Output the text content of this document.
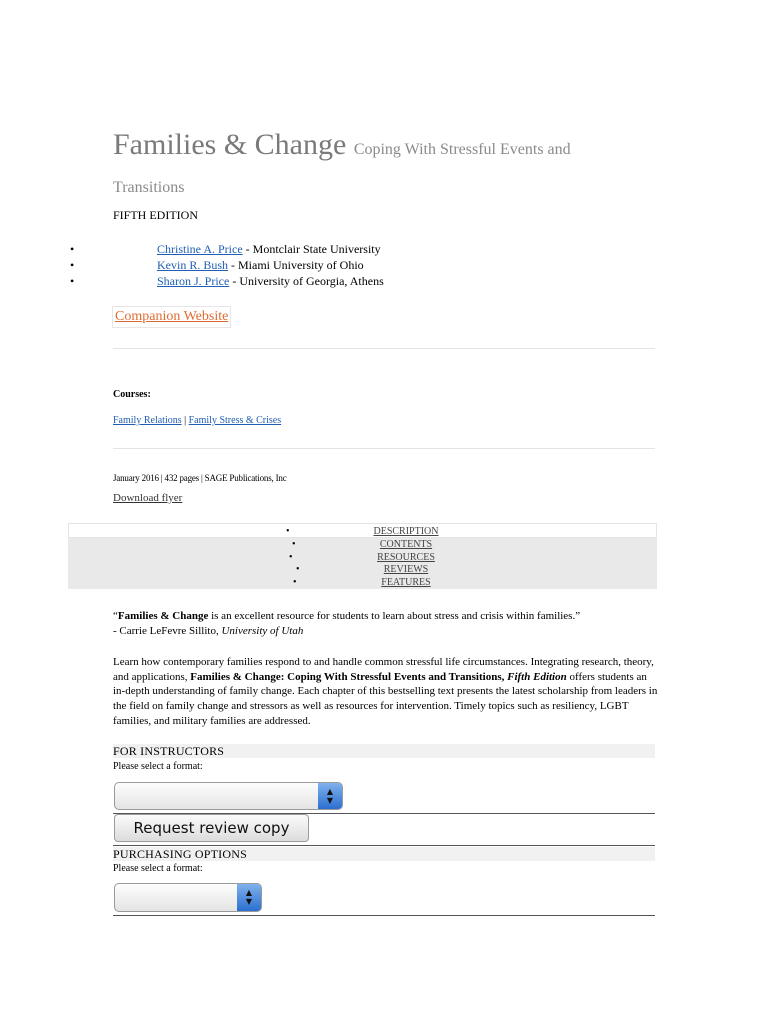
Families & Change Coping With Stressful Events and
Transitions
FIFTH EDITION
•	Christine A. Price - Montclair State University
•	Kevin R. Bush - Miami University of Ohio
•	Sharon J. Price - University of Georgia, Athens
Companion Website
Courses:
Family Relations | Family Stress & Crises
January 2016 | 432 pages | SAGE Publications, Inc
Download flyer
•	DESCRIPTION
•	CONTENTS
•	RESOURCES
•	REVIEWS
•	FEATURES
“Families & Change is an excellent resource for students to learn about stress and crisis within families.”
- Carrie LeFevre Sillito, University of Utah
Learn how contemporary families respond to and handle common stressful life circumstances. Integrating research, theory, and applications, Families & Change: Coping With Stressful Events and Transitions, Fifth Edition offers students an in-depth understanding of family change. Each chapter of this bestselling text presents the latest scholarship from leaders in the field on family change and stressors as well as resources for intervention. Timely topics such as resiliency, LGBT families, and military families are addressed.
FOR INSTRUCTORS
Please select a format:
▲
▼
Request review copy
PURCHASING OPTIONS
Please select a format:
▲
▼
